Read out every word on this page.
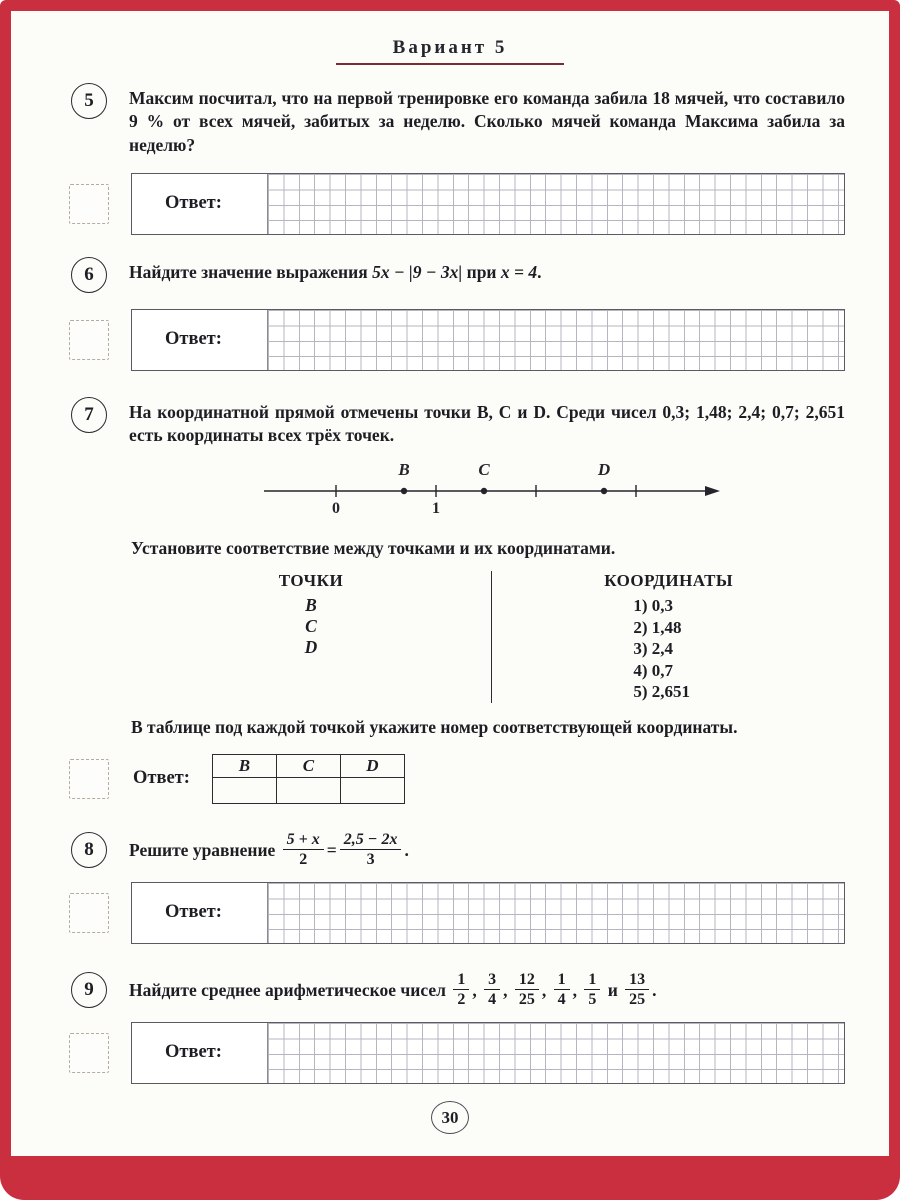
Вариант 5
5	Максим посчитал, что на первой тренировке его команда забила 18 мячей, что составило 9 % от всех мячей, забитых за неделю. Сколько мячей команда Максима забила за неделю?

Ответ:
6	Найдите значение выражения 5x − |9 − 3x| при x = 4.

Ответ:
7	На координатной прямой отмечены точки B, C и D. Среди чисел 0,3; 1,48; 2,4; 0,7; 2,651 есть координаты всех трёх точек.

B	C	D
0	1
Установите соответствие между точками и их координатами.
ТОЧКИ
B
C
D
КООРДИНАТЫ
1) 0,3
2) 1,48
3) 2,4
4) 0,7
5) 2,651
В таблице под каждой точкой укажите номер соответствующей координаты.
Ответ:
B	C	D

8	Решите уравнение $\frac{5 + x}{2} = \frac{2,5 - 2x}{3}$ .

Ответ:
9	Найдите среднее арифметическое чисел $\frac{1}{2}$ , $\frac{3}{4}$ , $\frac{12}{25}$ , $\frac{1}{4}$ , $\frac{1}{5}$ и $\frac{13}{25}$ .

Ответ:
30
